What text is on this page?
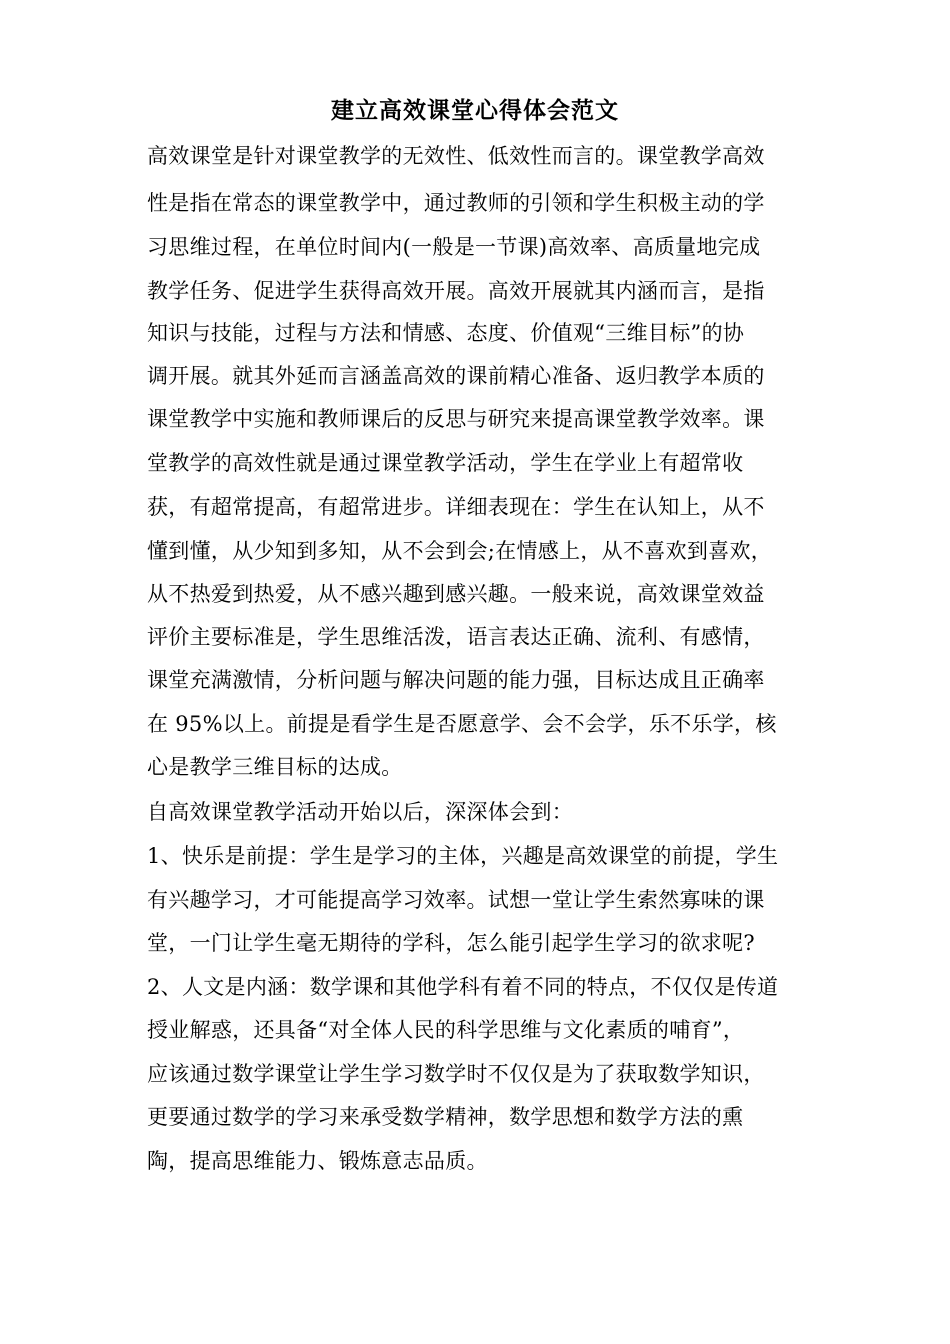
建立高效课堂心得体会范文

高效课堂是针对课堂教学的无效性、低效性而言的。课堂教学高效

性是指在常态的课堂教学中，通过教师的引领和学生积极主动的学

习思维过程，在单位时间内(一般是一节课)高效率、高质量地完成

教学任务、促进学生获得高效开展。高效开展就其内涵而言，是指

知识与技能，过程与方法和情感、态度、价值观“三维目标”的协

调开展。就其外延而言涵盖高效的课前精心准备、返归教学本质的

课堂教学中实施和教师课后的反思与研究来提高课堂教学效率。课

堂教学的高效性就是通过课堂教学活动，学生在学业上有超常收

获，有超常提高，有超常进步。详细表现在：学生在认知上，从不

懂到懂，从少知到多知，从不会到会;在情感上，从不喜欢到喜欢，

从不热爱到热爱，从不感兴趣到感兴趣。一般来说，高效课堂效益

评价主要标准是，学生思维活泼，语言表达正确、流利、有感情，

课堂充满激情，分析问题与解决问题的能力强，目标达成且正确率

在 95%以上。前提是看学生是否愿意学、会不会学，乐不乐学，核

心是教学三维目标的达成。

自高效课堂教学活动开始以后，深深体会到：

1、快乐是前提：学生是学习的主体，兴趣是高效课堂的前提，学生

有兴趣学习，才可能提高学习效率。试想一堂让学生索然寡味的课

堂，一门让学生毫无期待的学科，怎么能引起学生学习的欲求呢?

2、人文是内涵：数学课和其他学科有着不同的特点，不仅仅是传道

授业解惑，还具备“对全体人民的科学思维与文化素质的哺育”，

应该通过数学课堂让学生学习数学时不仅仅是为了获取数学知识，

更要通过数学的学习来承受数学精神，数学思想和数学方法的熏

陶，提高思维能力、锻炼意志品质。
